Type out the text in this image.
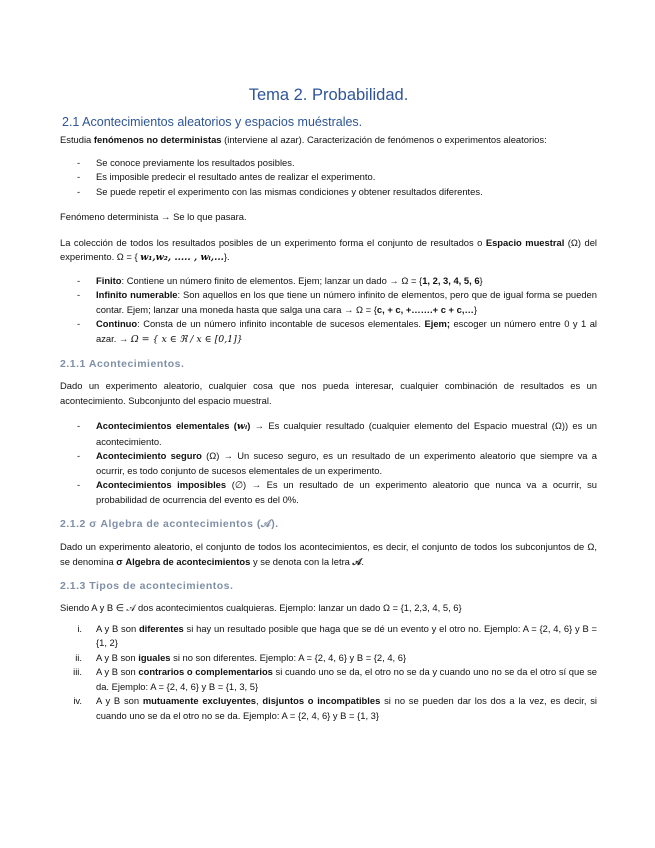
Tema 2. Probabilidad.
2.1 Acontecimientos aleatorios y espacios muéstrales.

Estudia fenómenos no deterministas (interviene al azar). Caracterización de fenómenos o experimentos aleatorios:

- Se conoce previamente los resultados posibles.
- Es imposible predecir el resultado antes de realizar el experimento.
- Se puede repetir el experimento con las mismas condiciones y obtener resultados diferentes.

Fenómeno determinista → Se lo que pasara.

La colección de todos los resultados posibles de un experimento forma el conjunto de resultados o Espacio muestral (Ω) del experimento. Ω = { w₁,w₂, ..... , wᵢ,...}.

- Finito: Contiene un número finito de elementos. Ejem; lanzar un dado → Ω = {1, 2, 3, 4, 5, 6}
- Infinito numerable: Son aquellos en los que tiene un número infinito de elementos, pero que de igual forma se pueden contar. Ejem; lanzar una moneda hasta que salga una cara → Ω = {c, + c, +…….+ c + c,…}
- Continuo: Consta de un número infinito incontable de sucesos elementales. Ejem; escoger un número entre 0 y 1 al azar. → Ω = { x ∈ ℜ / x ∈ [0,1]}
2.1.1 Acontecimientos.

Dado un experimento aleatorio, cualquier cosa que nos pueda interesar, cualquier combinación de resultados es un acontecimiento. Subconjunto del espacio muestral.

- Acontecimientos elementales (wᵢ) → Es cualquier resultado (cualquier elemento del Espacio muestral (Ω)) es un acontecimiento.
- Acontecimiento seguro (Ω) → Un suceso seguro, es un resultado de un experimento aleatorio que siempre va a ocurrir, es todo conjunto de sucesos elementales de un experimento.
- Acontecimientos imposibles (∅) → Es un resultado de un experimento aleatorio que nunca va a ocurrir, su probabilidad de ocurrencia del evento es del 0%.
2.1.2 σ Algebra de acontecimientos (𝒜).

Dado un experimento aleatorio, el conjunto de todos los acontecimientos, es decir, el conjunto de todos los subconjuntos de Ω, se denomina σ Algebra de acontecimientos y se denota con la letra 𝒜.

2.1.3 Tipos de acontecimientos.

Siendo A y B ∈ 𝒜 dos acontecimientos cualquieras. Ejemplo: lanzar un dado Ω = {1, 2,3, 4, 5, 6}

i. A y B son diferentes si hay un resultado posible que haga que se dé un evento y el otro no. Ejemplo: A = {2, 4, 6} y B = {1, 2}
ii. A y B son iguales si no son diferentes. Ejemplo: A = {2, 4, 6} y B = {2, 4, 6}
iii. A y B son contrarios o complementarios si cuando uno se da, el otro no se da y cuando uno no se da el otro sí que se da. Ejemplo: A = {2, 4, 6} y B = {1, 3, 5}
iv. A y B son mutuamente excluyentes, disjuntos o incompatibles si no se pueden dar los dos a la vez, es decir, si cuando uno se da el otro no se da. Ejemplo: A = {2, 4, 6} y B = {1, 3}
